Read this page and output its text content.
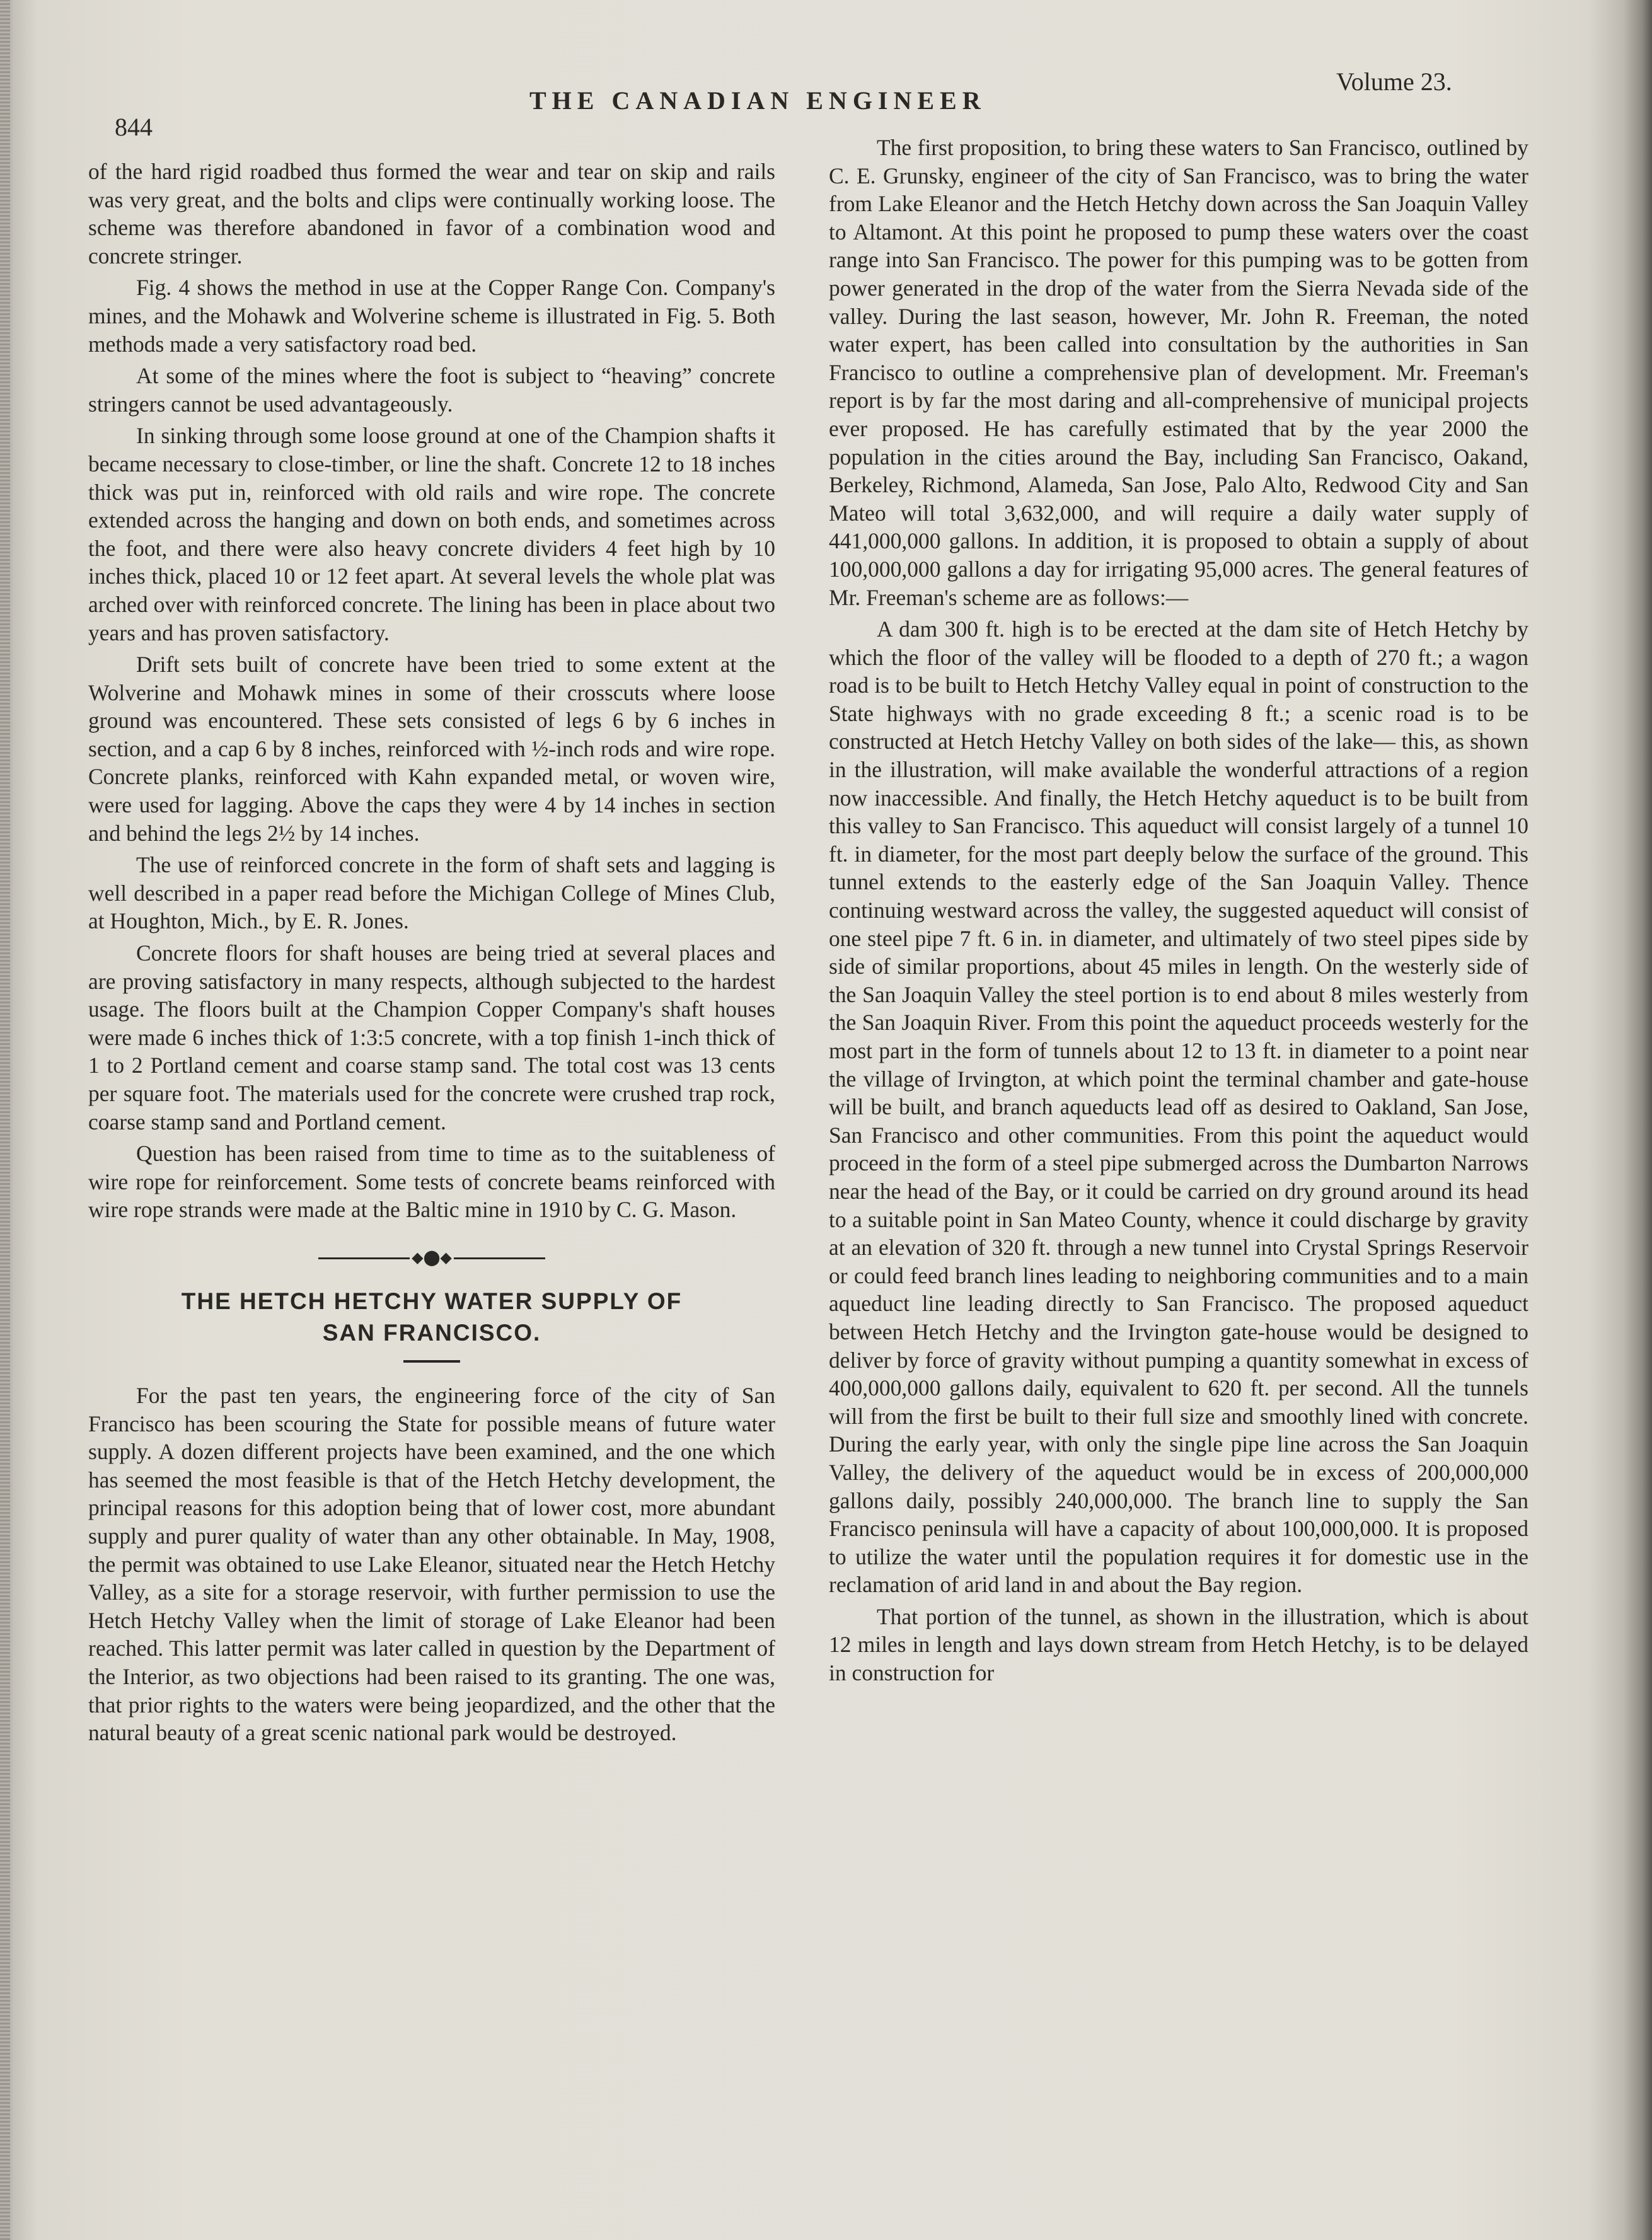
844
THE CANADIAN ENGINEER
Volume 23.

of the hard rigid roadbed thus formed the wear and tear on skip and rails was very great, and the bolts and clips were continually working loose. The scheme was therefore abandoned in favor of a combination wood and concrete stringer.

Fig. 4 shows the method in use at the Copper Range Con. Company's mines, and the Mohawk and Wolverine scheme is illustrated in Fig. 5. Both methods made a very satisfactory road bed.

At some of the mines where the foot is subject to “heaving” concrete stringers cannot be used advantageously.

In sinking through some loose ground at one of the Champion shafts it became necessary to close-timber, or line the shaft. Concrete 12 to 18 inches thick was put in, reinforced with old rails and wire rope. The concrete extended across the hanging and down on both ends, and sometimes across the foot, and there were also heavy concrete dividers 4 feet high by 10 inches thick, placed 10 or 12 feet apart. At several levels the whole plat was arched over with reinforced concrete. The lining has been in place about two years and has proven satisfactory.

Drift sets built of concrete have been tried to some extent at the Wolverine and Mohawk mines in some of their crosscuts where loose ground was encountered. These sets consisted of legs 6 by 6 inches in section, and a cap 6 by 8 inches, reinforced with ½-inch rods and wire rope. Concrete planks, reinforced with Kahn expanded metal, or woven wire, were used for lagging. Above the caps they were 4 by 14 inches in section and behind the legs 2½ by 14 inches.

The use of reinforced concrete in the form of shaft sets and lagging is well described in a paper read before the Michigan College of Mines Club, at Houghton, Mich., by E. R. Jones.

Concrete floors for shaft houses are being tried at several places and are proving satisfactory in many respects, although subjected to the hardest usage. The floors built at the Champion Copper Company's shaft houses were made 6 inches thick of 1:3:5 concrete, with a top finish 1-inch thick of 1 to 2 Portland cement and coarse stamp sand. The total cost was 13 cents per square foot. The materials used for the concrete were crushed trap rock, coarse stamp sand and Portland cement.

Question has been raised from time to time as to the suitableness of wire rope for reinforcement. Some tests of concrete beams reinforced with wire rope strands were made at the Baltic mine in 1910 by C. G. Mason.

◆⬤◆
THE HETCH HETCHY WATER SUPPLY OF
SAN FRANCISCO.

For the past ten years, the engineering force of the city of San Francisco has been scouring the State for possible means of future water supply. A dozen different projects have been examined, and the one which has seemed the most feasible is that of the Hetch Hetchy development, the principal reasons for this adoption being that of lower cost, more abundant supply and purer quality of water than any other obtainable. In May, 1908, the permit was obtained to use Lake Eleanor, situated near the Hetch Hetchy Valley, as a site for a storage reservoir, with further permission to use the Hetch Hetchy Valley when the limit of storage of Lake Eleanor had been reached. This latter permit was later called in question by the Department of the Interior, as two objections had been raised to its granting. The one was, that prior rights to the waters were being jeopardized, and the other that the natural beauty of a great scenic national park would be destroyed.

The first proposition, to bring these waters to San Francisco, outlined by C. E. Grunsky, engineer of the city of San Francisco, was to bring the water from Lake Eleanor and the Hetch Hetchy down across the San Joaquin Valley to Altamont. At this point he proposed to pump these waters over the coast range into San Francisco. The power for this pumping was to be gotten from power generated in the drop of the water from the Sierra Nevada side of the valley. During the last season, however, Mr. John R. Freeman, the noted water expert, has been called into consultation by the authorities in San Francisco to outline a comprehensive plan of development. Mr. Freeman's report is by far the most daring and all-comprehensive of municipal projects ever proposed. He has carefully estimated that by the year 2000 the population in the cities around the Bay, including San Francisco, Oakand, Berkeley, Richmond, Alameda, San Jose, Palo Alto, Redwood City and San Mateo will total 3,632,000, and will require a daily water supply of 441,000,000 gallons. In addition, it is proposed to obtain a supply of about 100,000,000 gallons a day for irrigating 95,000 acres. The general features of Mr. Freeman's scheme are as follows:—

A dam 300 ft. high is to be erected at the dam site of Hetch Hetchy by which the floor of the valley will be flooded to a depth of 270 ft.; a wagon road is to be built to Hetch Hetchy Valley equal in point of construction to the State highways with no grade exceeding 8 ft.; a scenic road is to be constructed at Hetch Hetchy Valley on both sides of the lake— this, as shown in the illustration, will make available the wonderful attractions of a region now inaccessible. And finally, the Hetch Hetchy aqueduct is to be built from this valley to San Francisco. This aqueduct will consist largely of a tunnel 10 ft. in diameter, for the most part deeply below the surface of the ground. This tunnel extends to the easterly edge of the San Joaquin Valley. Thence continuing westward across the valley, the suggested aqueduct will consist of one steel pipe 7 ft. 6 in. in diameter, and ultimately of two steel pipes side by side of similar proportions, about 45 miles in length. On the westerly side of the San Joaquin Valley the steel portion is to end about 8 miles westerly from the San Joaquin River. From this point the aqueduct proceeds westerly for the most part in the form of tunnels about 12 to 13 ft. in diameter to a point near the village of Irvington, at which point the terminal chamber and gate-house will be built, and branch aqueducts lead off as desired to Oakland, San Jose, San Francisco and other communities. From this point the aqueduct would proceed in the form of a steel pipe submerged across the Dumbarton Narrows near the head of the Bay, or it could be carried on dry ground around its head to a suitable point in San Mateo County, whence it could discharge by gravity at an elevation of 320 ft. through a new tunnel into Crystal Springs Reservoir or could feed branch lines leading to neighboring communities and to a main aqueduct line leading directly to San Francisco. The proposed aqueduct between Hetch Hetchy and the Irvington gate-house would be designed to deliver by force of gravity without pumping a quantity somewhat in excess of 400,000,000 gallons daily, equivalent to 620 ft. per second. All the tunnels will from the first be built to their full size and smoothly lined with concrete. During the early year, with only the single pipe line across the San Joaquin Valley, the delivery of the aqueduct would be in excess of 200,000,000 gallons daily, possibly 240,000,000. The branch line to supply the San Francisco peninsula will have a capacity of about 100,000,000. It is proposed to utilize the water until the population requires it for domestic use in the reclamation of arid land in and about the Bay region.

That portion of the tunnel, as shown in the illustration, which is about 12 miles in length and lays down stream from Hetch Hetchy, is to be delayed in construction for
